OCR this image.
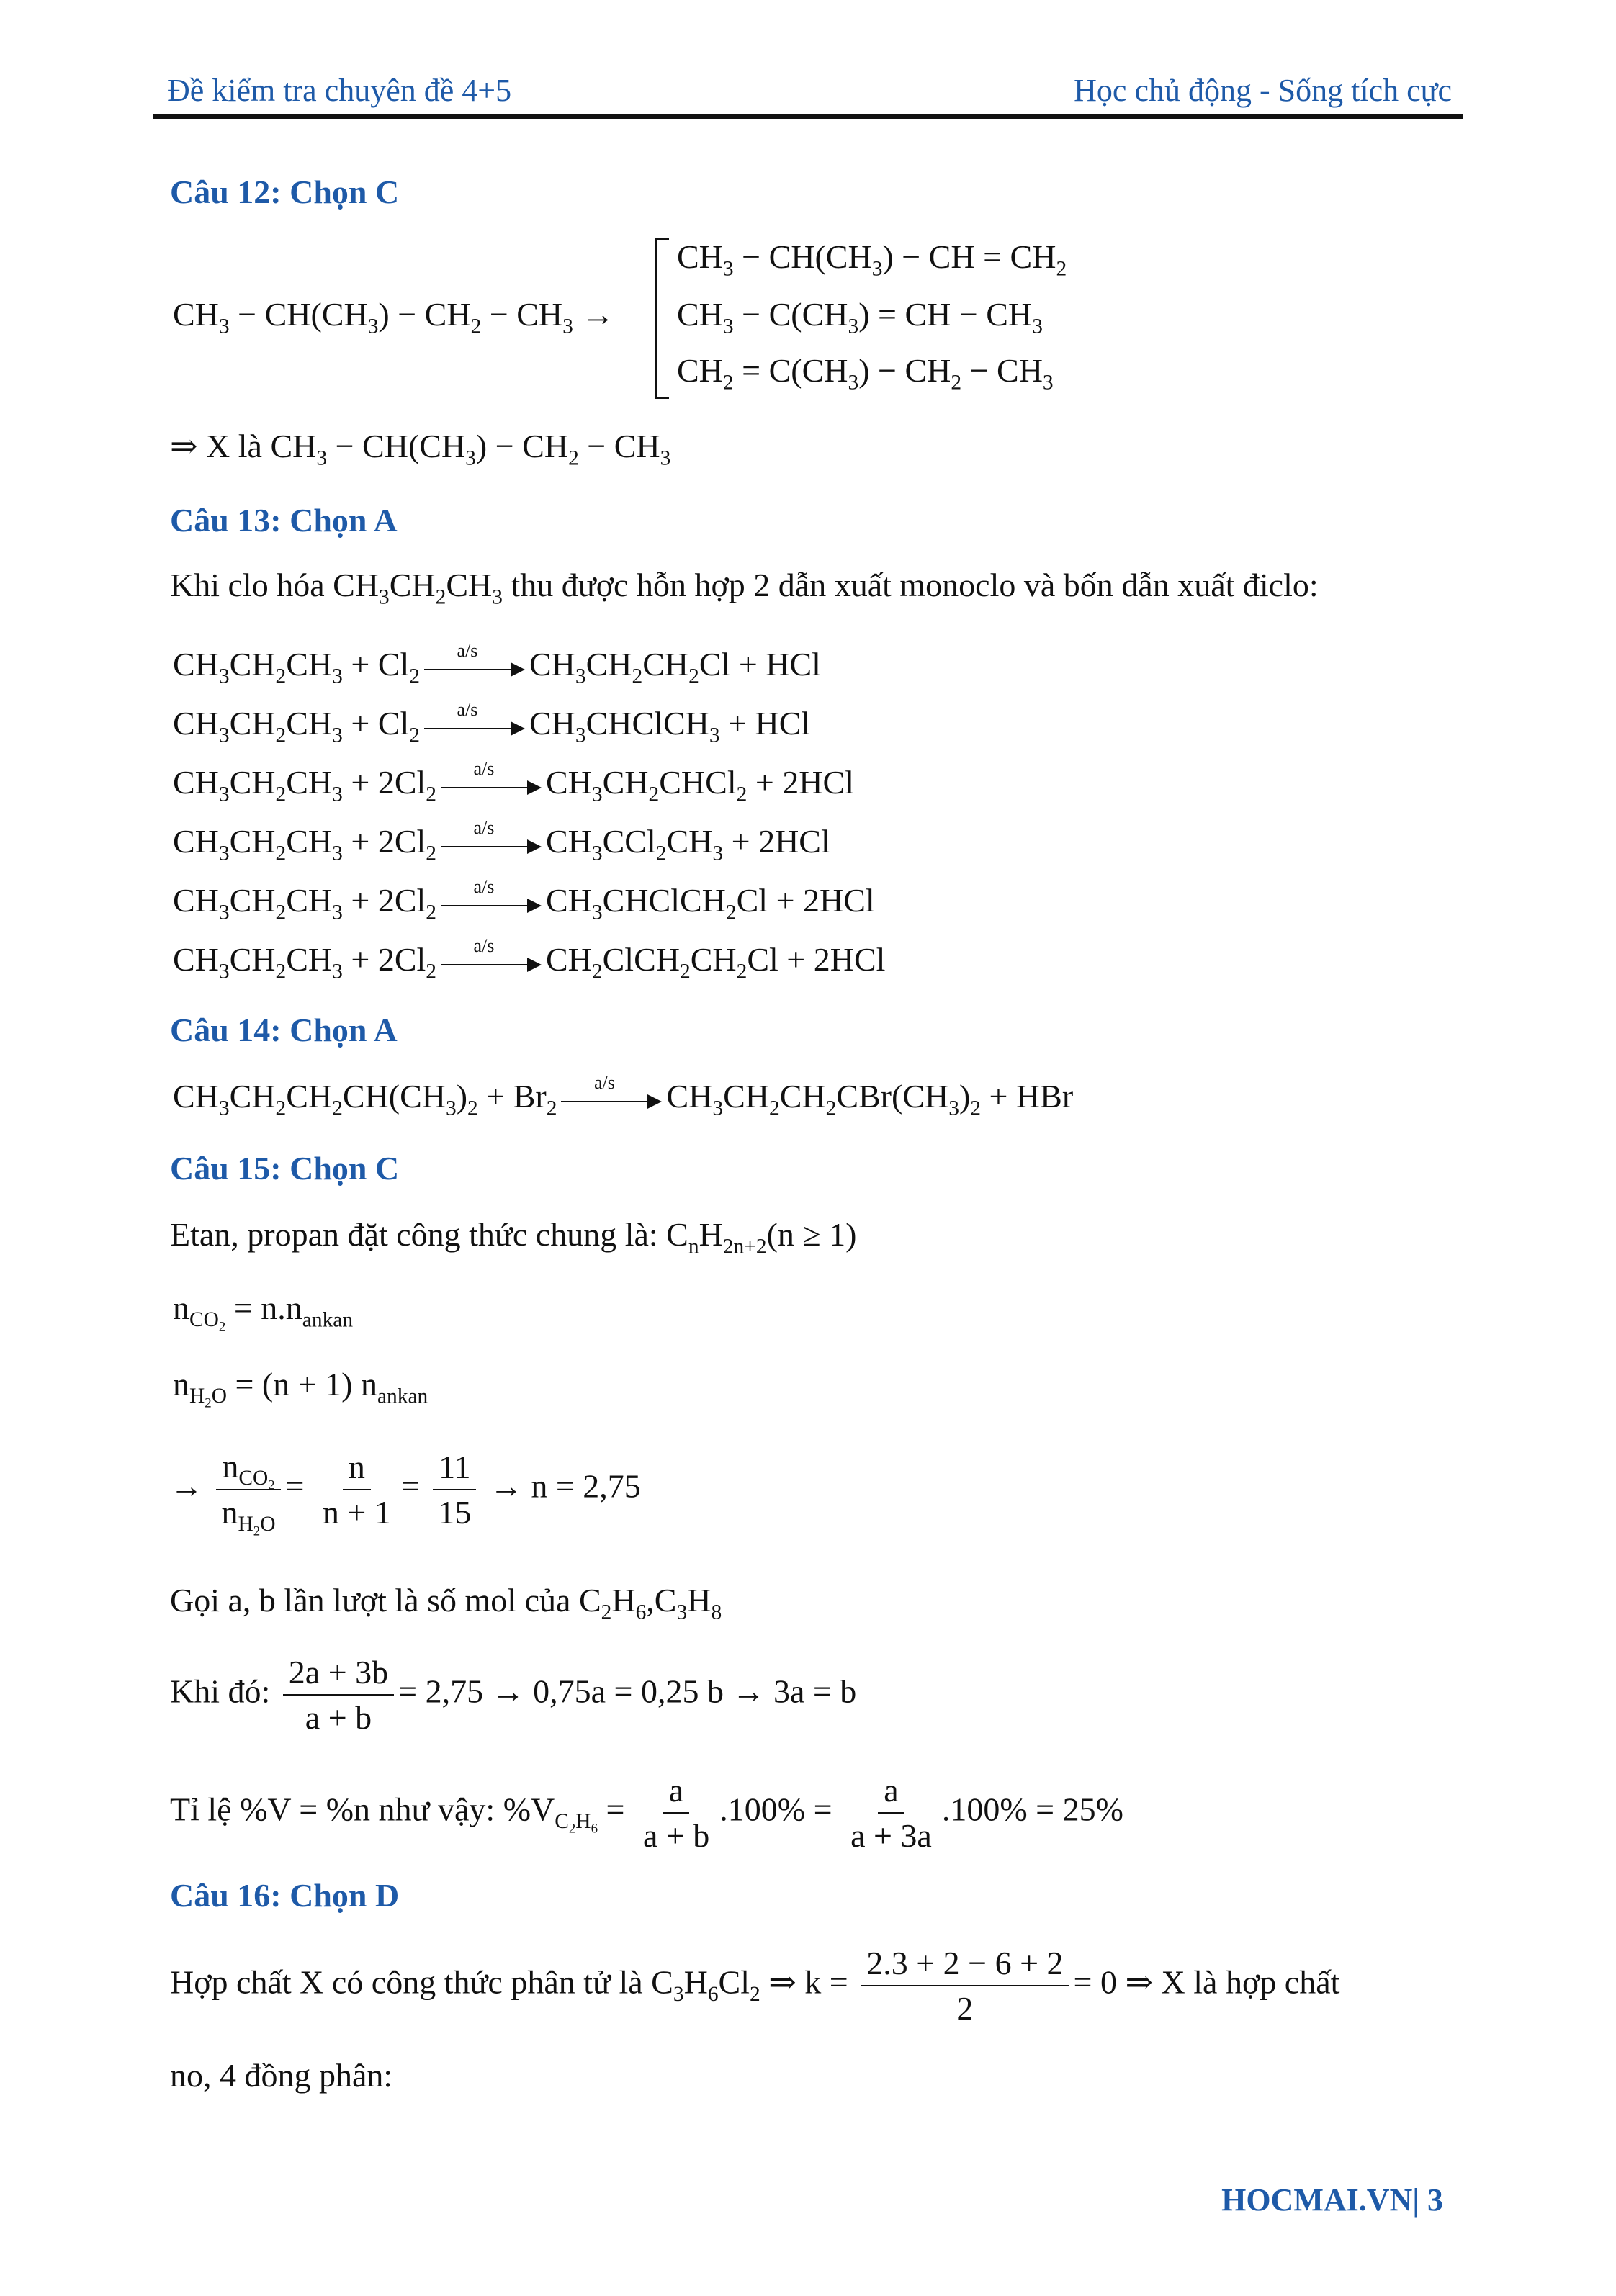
Đề kiểm tra chuyên đề 4+5	Học chủ động - Sống tích cực
Câu 12: Chọn C
$CH_3 - CH(CH_3) - CH_2 - CH_3$ →
$CH_3 - CH(CH_3)$ − CH = $CH_2$
$CH_3 - C(CH_3)$ = CH − $CH_3$
$CH_2 = C(CH_3) - CH_2 - CH_3$
⇒ X là $CH_3 - CH(CH_3) - CH_2 - CH_3$
Câu 13: Chọn A
Khi clo hóa $CH_3CH_2CH_3$ thu được hỗn hợp 2 dẫn xuất monoclo và bốn dẫn xuất điclo:
$CH_3CH_2CH_3 + Cl_2$
a/s	$CH_3CH_2CH_2Cl$ + HCl
$CH_3CH_2CH_3 + Cl_2$
a/s	$CH_3CHClCH_3$ + HCl
$CH_3CH_2CH_3 + 2Cl_2$
a/s	$CH_3CH_2CHCl_2 + 2HCl$
$CH_3CH_2CH_3 + 2Cl_2$
a/s	$CH_3CCl_2CH_3 + 2HCl$
$CH_3CH_2CH_3 + 2Cl_2$
a/s	$CH_3CHClCH_2Cl + 2HCl$
$CH_3CH_2CH_3 + 2Cl_2$
a/s	$CH_2ClCH_2CH_2Cl + 2HCl$
Câu 14: Chọn A
$CH_3CH_2CH_2CH(CH_3)_2 + Br_2$
a/s	$CH_3CH_2CH_2CBr(CH_3)_2$ + HBr
Câu 15: Chọn C
Etan, propan đặt công thức chung là: $C_nH_{2n+2}(n \ge 1)$
$n_{CO_2} = n.n_{ankan}$
$n_{H_2O} = (n + 1)$ $n_{ankan}$
→ $\frac{n_{CO_2}}{n_{H_2O}} = \frac{n}{n + 1} = \frac{11}{15} \to n = 2,75$
Gọi a, b lần lượt là số mol của $C_2H_6,C_3H_8$
Khi đó: $\frac{2a + 3b}{a + b} = 2,75 \to 0,75a = 0,25$ b → 3a = b
Tỉ lệ %V = %n như vậy: $\%V_{C_2H_6} = \frac{a}{a + b} .100\% = \frac{a}{a + 3a} .100\% = 25\%$
Câu 16: Chọn D
Hợp chất X có công thức phân tử là $C_3H_6Cl_2$ ⇒ $k = \frac{2.3 + 2 - 6 + 2}{2} = 0$ ⇒ X là hợp chất
no, 4 đồng phân:
HOCMAI.VN| 3
